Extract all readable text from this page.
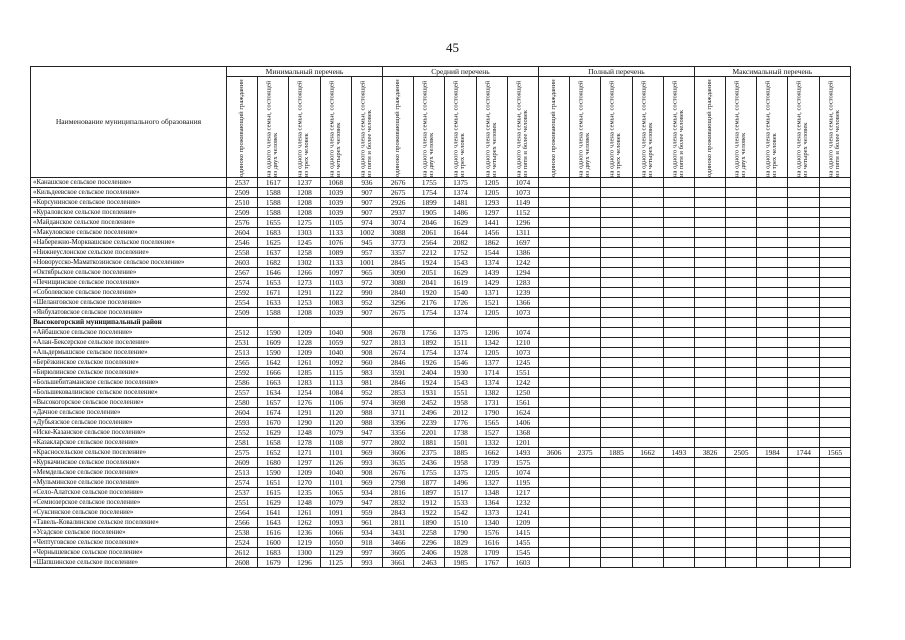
45
Наименование муниципального образования	Минимальный перечень					Средний перечень					Полный перечень					Максимальный перечень				

одиноко проживающий гражданин	на одного члена семьи, состоящей из двух человек	на одного члена семьи, состоящей из трех человек	на одного члена семьи, состоящей из четырех человек	на одного члена семьи, состоящей из пяти и более человек	одиноко проживающий гражданин	на одного члена семьи, состоящей из двух человек	на одного члена семьи, состоящей из трех человек	на одного члена семьи, состоящей из четырех человек	на одного члена семьи, состоящей из пяти и более человек	одиноко проживающий гражданин	на одного члена семьи, состоящей из двух человек	на одного члена семьи, состоящей из трех человек	на одного члена семьи, состоящей из четырех человек	на одного члена семьи, состоящей из пяти и более человек	одиноко проживающий гражданин	на одного члена семьи, состоящей из двух человек	на одного члена семьи, состоящей из трех человек	на одного члена семьи, состоящей из четырех человек	на одного члена семьи, состоящей из пяти и более человек

«Канашское сельское поселение»	2537	1617	1237	1068	936	2676	1755	1375	1205	1074										
«Кильдеевское сельское поселение»	2509	1588	1208	1039	907	2675	1754	1374	1205	1073										
«Корсунинское сельское поселение»	2510	1588	1208	1039	907	2926	1899	1481	1293	1149										
«Кураловское сельское поселение»	2509	1588	1208	1039	907	2937	1905	1486	1297	1152										
«Майданское сельское поселение»	2576	1655	1275	1105	974	3074	2046	1629	1441	1296										
«Макуловское сельское поселение»	2604	1683	1303	1133	1002	3088	2061	1644	1456	1311										
«Набережно-Морквашское сельское поселение»	2546	1625	1245	1076	945	3773	2564	2082	1862	1697										
«Нижнеуслонское сельское поселение»	2558	1637	1258	1089	957	3357	2212	1752	1544	1386										
«Новорусско-Маматкозинское сельское поселение»	2603	1682	1302	1133	1001	2845	1924	1543	1374	1242										
«Октябрьское сельское поселение»	2567	1646	1266	1097	965	3090	2051	1629	1439	1294										
«Печищинское сельское поселение»	2574	1653	1273	1103	972	3080	2041	1619	1429	1283										
«Соболевское сельское поселение»	2592	1671	1291	1122	990	2840	1920	1540	1371	1239										
«Шеланговское сельское поселение»	2554	1633	1253	1083	952	3296	2176	1726	1521	1366										
«Янбулатовское сельское поселение»	2509	1588	1208	1039	907	2675	1754	1374	1205	1073										
Высокогорский муниципальный район																				
«Айбашское сельское поселение»	2512	1590	1209	1040	908	2678	1756	1375	1206	1074										
«Алан-Бексерское сельское поселение»	2531	1609	1228	1059	927	2813	1892	1511	1342	1210										
«Альдермышское сельское поселение»	2513	1590	1209	1040	908	2674	1754	1374	1205	1073										
«Берёзкинское сельское поселение»	2565	1642	1261	1092	960	2846	1926	1546	1377	1245										
«Бирюлинское сельское поселение»	2592	1666	1285	1115	983	3591	2404	1930	1714	1551										
«Большебитаманское сельское поселение»	2586	1663	1283	1113	981	2846	1924	1543	1374	1242										
«Большековалинское сельское поселение»	2557	1634	1254	1084	952	2853	1931	1551	1382	1250										
«Высокогорское сельское поселение»	2580	1657	1276	1106	974	3698	2452	1958	1731	1561										
«Дачное сельское поселение»	2604	1674	1291	1120	988	3711	2496	2012	1790	1624										
«Дубьязское сельское поселение»	2593	1670	1290	1120	988	3396	2239	1776	1565	1406										
«Иске-Казанское сельское поселение»	2552	1629	1248	1079	947	3356	2201	1738	1527	1368										
«Казакларское сельское поселение»	2581	1658	1278	1108	977	2802	1881	1501	1332	1201										
«Красносельское сельское поселение»	2575	1652	1271	1101	969	3606	2375	1885	1662	1493	3606	2375	1885	1662	1493	3826	2505	1984	1744	1565
«Куркачинское сельское поселение»	2609	1680	1297	1126	993	3635	2436	1958	1739	1575										
«Мемдельское сельское поселение»	2513	1590	1209	1040	908	2676	1755	1375	1205	1074										
«Мульминское сельское поселение»	2574	1651	1270	1101	969	2798	1877	1496	1327	1195										
«Село-Алатское сельское поселение»	2537	1615	1235	1065	934	2816	1897	1517	1348	1217										
«Семиозерское сельское поселение»	2551	1629	1248	1079	947	2832	1912	1533	1364	1232										
«Суксинское сельское поселение»	2564	1641	1261	1091	959	2843	1922	1542	1373	1241										
«Тавель-Ковалинское сельское поселение»	2566	1643	1262	1093	961	2811	1890	1510	1340	1209										
«Усадское сельское поселение»	2538	1616	1236	1066	934	3431	2258	1790	1576	1415										
«Чептуговское сельское поселение»	2524	1600	1219	1050	918	3466	2296	1829	1616	1455										
«Чернышевское сельское поселение»	2612	1683	1300	1129	997	3605	2406	1928	1709	1545										
«Шапшинское сельское поселение»	2608	1679	1296	1125	993	3661	2463	1985	1767	1603										
